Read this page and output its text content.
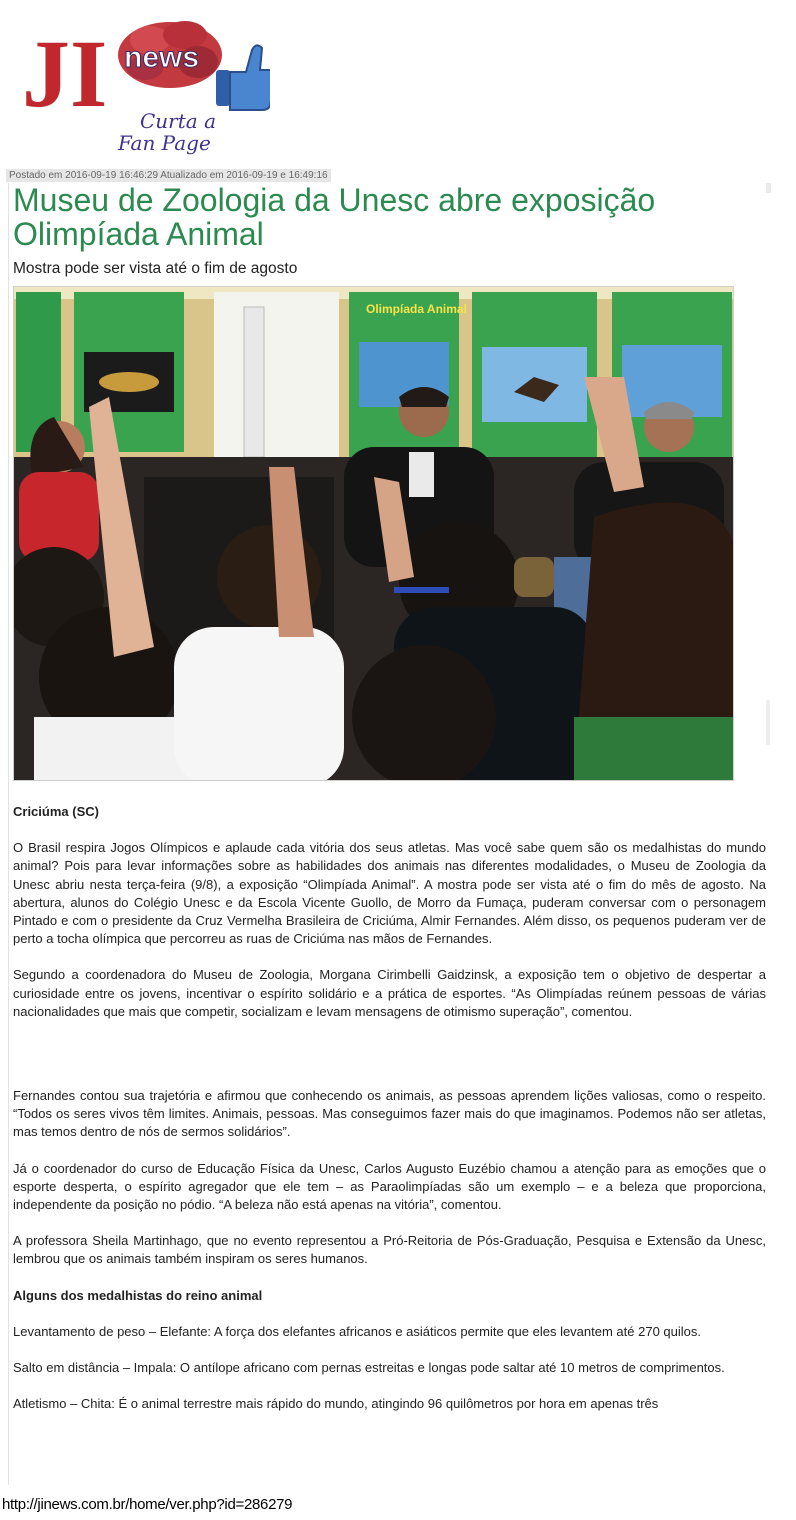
JI news
Curta a
Fan Page
Postado em 2016-09-19 16:46:29 Atualizado em 2016-09-19 e 16:49:16
Museu de Zoologia da Unesc abre exposição Olimpíada Animal
Mostra pode ser vista até o fim de agosto
Olimpíada Animal

Criciúma (SC)

O Brasil respira Jogos Olímpicos e aplaude cada vitória dos seus atletas. Mas você sabe quem são os medalhistas do mundo animal? Pois para levar informações sobre as habilidades dos animais nas diferentes modalidades, o Museu de Zoologia da Unesc abriu nesta terça-feira (9/8), a exposição “Olimpíada Animal”. A mostra pode ser vista até o fim do mês de agosto. Na abertura, alunos do Colégio Unesc e da Escola Vicente Guollo, de Morro da Fumaça, puderam conversar com o personagem Pintado e com o presidente da Cruz Vermelha Brasileira de Criciúma, Almir Fernandes. Além disso, os pequenos puderam ver de perto a tocha olímpica que percorreu as ruas de Criciúma nas mãos de Fernandes.

Segundo a coordenadora do Museu de Zoologia, Morgana Cirimbelli Gaidzinsk, a exposição tem o objetivo de despertar a curiosidade entre os jovens, incentivar o espírito solidário e a prática de esportes. “As Olimpíadas reúnem pessoas de várias nacionalidades que mais que competir, socializam e levam mensagens de otimismo superação”, comentou.

Fernandes contou sua trajetória e afirmou que conhecendo os animais, as pessoas aprendem lições valiosas, como o respeito. “Todos os seres vivos têm limites. Animais, pessoas. Mas conseguimos fazer mais do que imaginamos. Podemos não ser atletas, mas temos dentro de nós de sermos solidários”.

Já o coordenador do curso de Educação Física da Unesc, Carlos Augusto Euzébio chamou a atenção para as emoções que o esporte desperta, o espírito agregador que ele tem – as Paraolimpíadas são um exemplo – e a beleza que proporciona, independente da posição no pódio. “A beleza não está apenas na vitória”, comentou.

A professora Sheila Martinhago, que no evento representou a Pró-Reitoria de Pós-Graduação, Pesquisa e Extensão da Unesc, lembrou que os animais também inspiram os seres humanos.

Alguns dos medalhistas do reino animal

Levantamento de peso – Elefante: A força dos elefantes africanos e asiáticos permite que eles levantem até 270 quilos.

Salto em distância – Impala: O antílope africano com pernas estreitas e longas pode saltar até 10 metros de comprimentos.

Atletismo – Chita: É o animal terrestre mais rápido do mundo, atingindo 96 quilômetros por hora em apenas três

http://jinews.com.br/home/ver.php?id=286279
